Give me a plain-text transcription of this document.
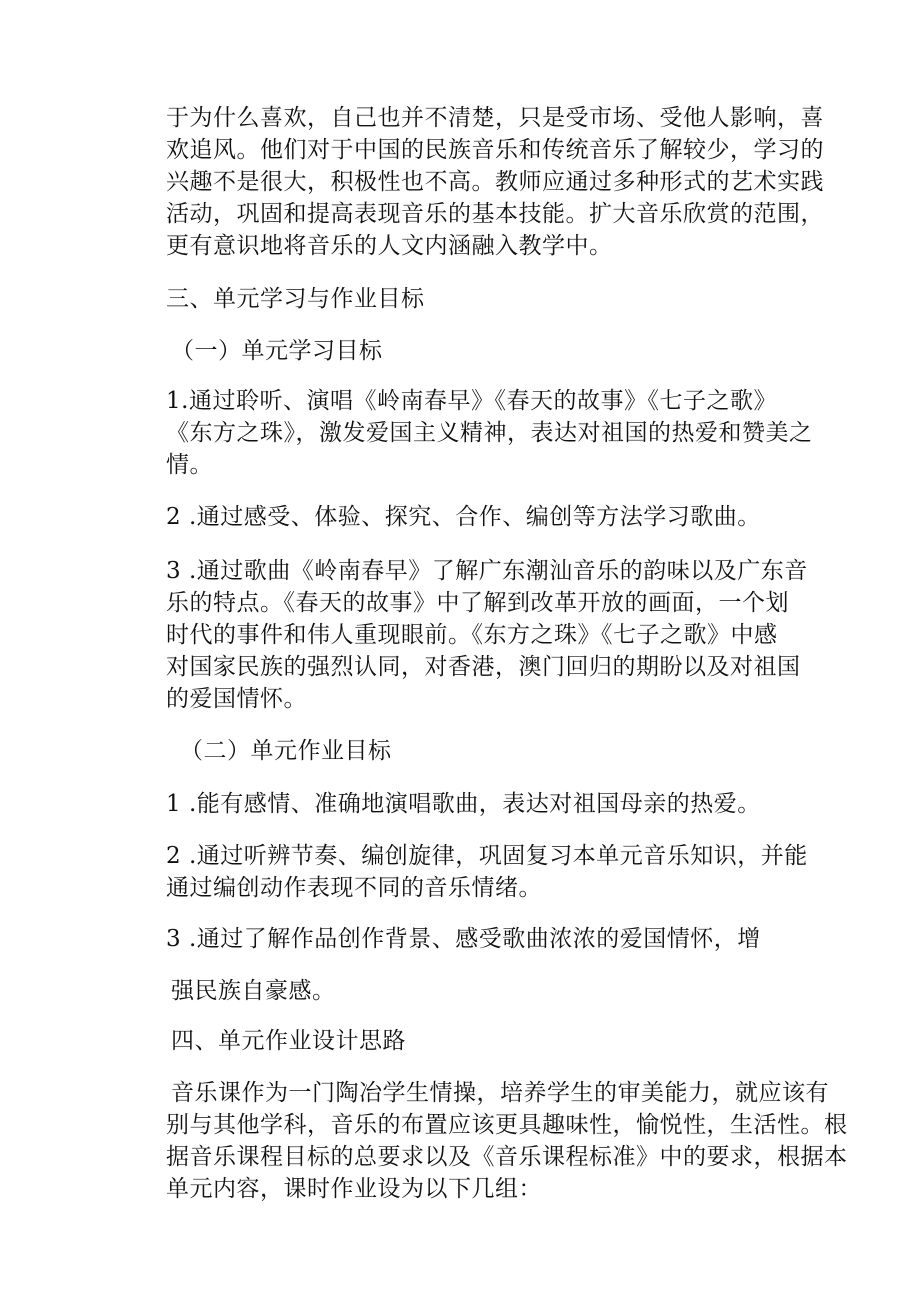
于为什么喜欢，自己也并不清楚，只是受市场、受他人影响，喜
欢追风。他们对于中国的民族音乐和传统音乐了解较少，学习的
兴趣不是很大，积极性也不高。教师应通过多种形式的艺术实践
活动，巩固和提高表现音乐的基本技能。扩大音乐欣赏的范围，
更有意识地将音乐的人文内涵融入教学中。
三、单元学习与作业目标
（一）单元学习目标
1.通过聆听、演唱《岭南春早》《春天的故事》《七子之歌》
《东方之珠》，激发爱国主义精神，表达对祖国的热爱和赞美之
情。
2 .通过感受、体验、探究、合作、编创等方法学习歌曲。
3 .通过歌曲《岭南春早》了解广东潮汕音乐的韵味以及广东音
乐的特点。《春天的故事》中了解到改革开放的画面，一个划
时代的事件和伟人重现眼前。《东方之珠》《七子之歌》中感
对国家民族的强烈认同，对香港，澳门回归的期盼以及对祖国
的爱国情怀。
（二）单元作业目标
1 .能有感情、准确地演唱歌曲，表达对祖国母亲的热爱。
2 .通过听辨节奏、编创旋律，巩固复习本单元音乐知识，并能
通过编创动作表现不同的音乐情绪。
3 .通过了解作品创作背景、感受歌曲浓浓的爱国情怀，增
强民族自豪感。
四、单元作业设计思路
音乐课作为一门陶冶学生情操，培养学生的审美能力，就应该有
别与其他学科，音乐的布置应该更具趣味性，愉悦性，生活性。根
据音乐课程目标的总要求以及《音乐课程标准》中的要求，根据本
单元内容，课时作业设为以下几组：
